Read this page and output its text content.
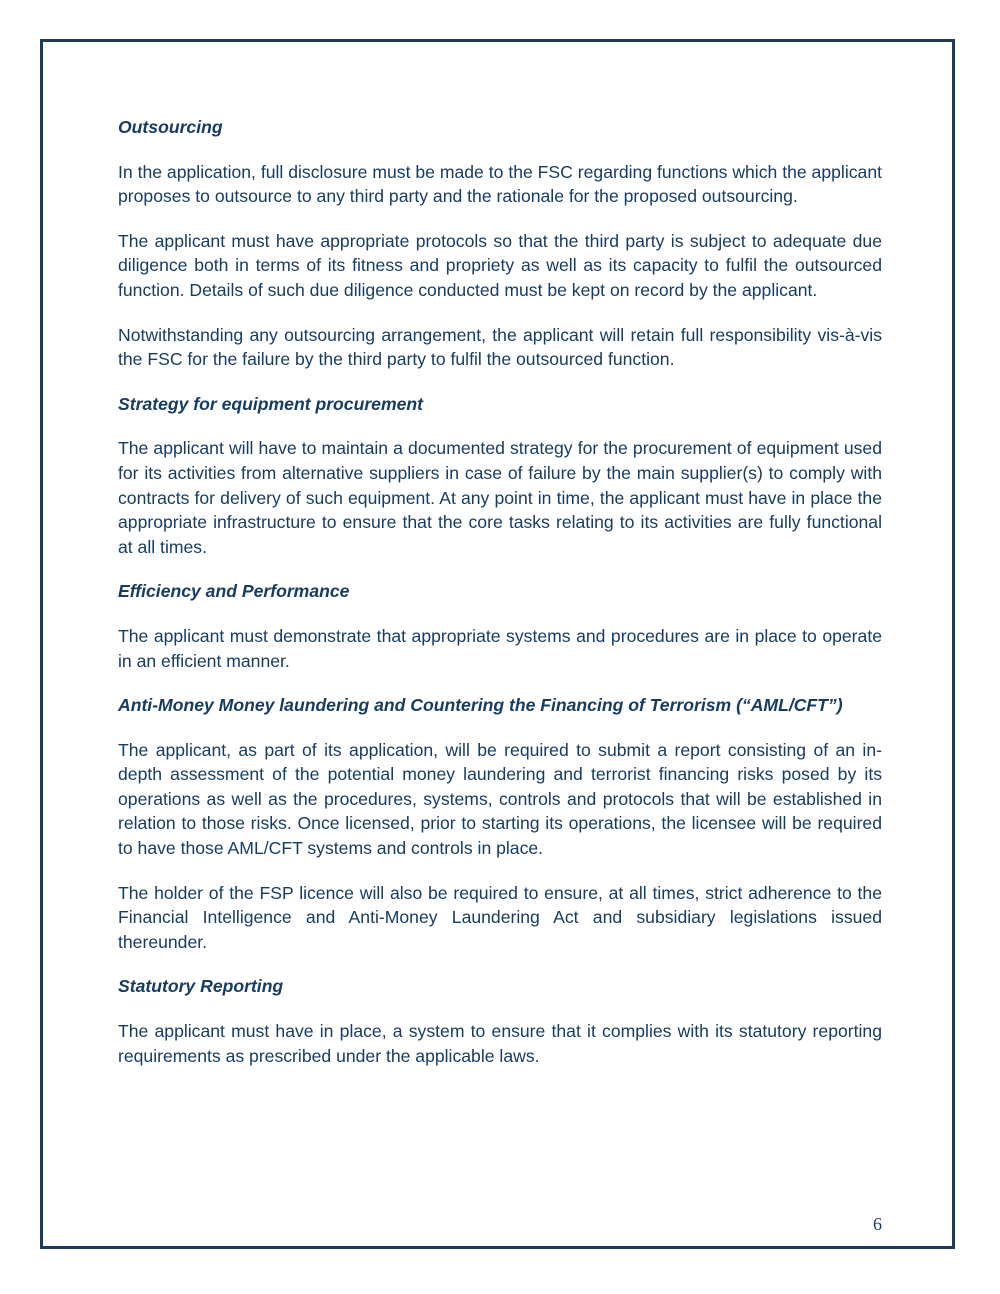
Outsourcing

In the application, full disclosure must be made to the FSC regarding functions which the applicant proposes to outsource to any third party and the rationale for the proposed outsourcing.

The applicant must have appropriate protocols so that the third party is subject to adequate due diligence both in terms of its fitness and propriety as well as its capacity to fulfil the outsourced function. Details of such due diligence conducted must be kept on record by the applicant.

Notwithstanding any outsourcing arrangement, the applicant will retain full responsibility vis-à-vis the FSC for the failure by the third party to fulfil the outsourced function.

Strategy for equipment procurement

The applicant will have to maintain a documented strategy for the procurement of equipment used for its activities from alternative suppliers in case of failure by the main supplier(s) to comply with contracts for delivery of such equipment. At any point in time, the applicant must have in place the appropriate infrastructure to ensure that the core tasks relating to its activities are fully functional at all times.

Efficiency and Performance

The applicant must demonstrate that appropriate systems and procedures are in place to operate in an efficient manner.

Anti-Money Money laundering and Countering the Financing of Terrorism (“AML/CFT”)

The applicant, as part of its application, will be required to submit a report consisting of an in-depth assessment of the potential money laundering and terrorist financing risks posed by its operations as well as the procedures, systems, controls and protocols that will be established in relation to those risks. Once licensed, prior to starting its operations, the licensee will be required to have those AML/CFT systems and controls in place.

The holder of the FSP licence will also be required to ensure, at all times, strict adherence to the Financial Intelligence and Anti-Money Laundering Act and subsidiary legislations issued thereunder.

Statutory Reporting

The applicant must have in place, a system to ensure that it complies with its statutory reporting requirements as prescribed under the applicable laws.

6
